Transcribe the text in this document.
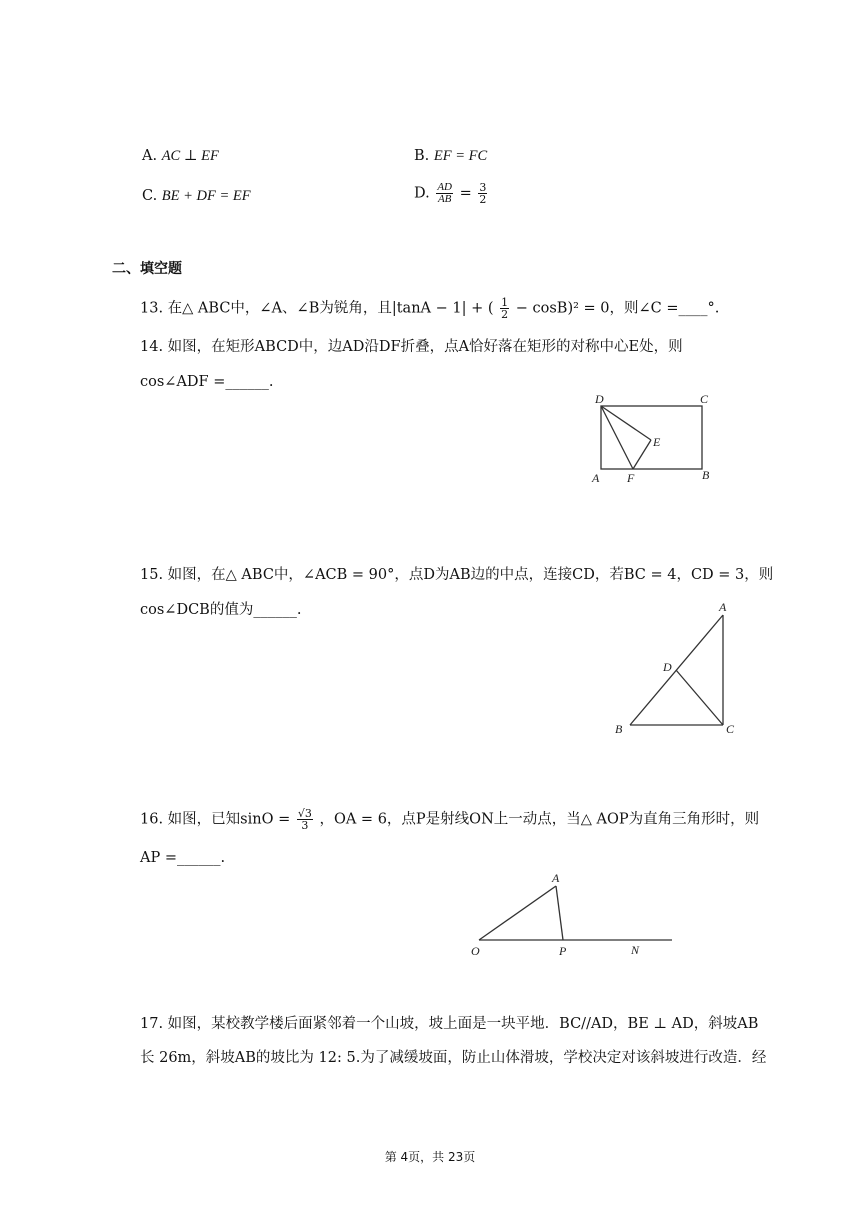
A. AC ⊥ EF	B. EF = FC
C. BE + DF = EF	D. $\frac{AD}{AB} = \frac{3}{2}$
二、填空题
13. 在△ ABC中，∠A、∠B为锐角，且|tanA − 1| + ( $\frac{1}{2} - \cos B)^2 = 0$，则∠C =____°.
14. 如图，在矩形ABCD中，边AD沿DF折叠，点A恰好落在矩形的对称中心E处，则
cos∠ADF =______.
D	C
E
A F	B
15. 如图，在△ ABC中，∠ACB = 90°，点D为AB边的中点，连接CD，若BC = 4，CD = 3，则
cos∠DCB的值为______.	A
D
B	C
16. 如图，已知$\sin O = \frac{√3}{3}$ ，OA = 6，点P是射线ON上一动点，当△ AOP为直角三角形时，则
AP =______.
A
O	P	N
17. 如图，某校教学楼后面紧邻着一个山坡，坡上面是一块平地．BC//AD，BE ⊥ AD，斜坡AB
长 26m，斜坡AB的坡比为 12: 5.为了减缓坡面，防止山体滑坡，学校决定对该斜坡进行改造．经
第 4页，共 23页
